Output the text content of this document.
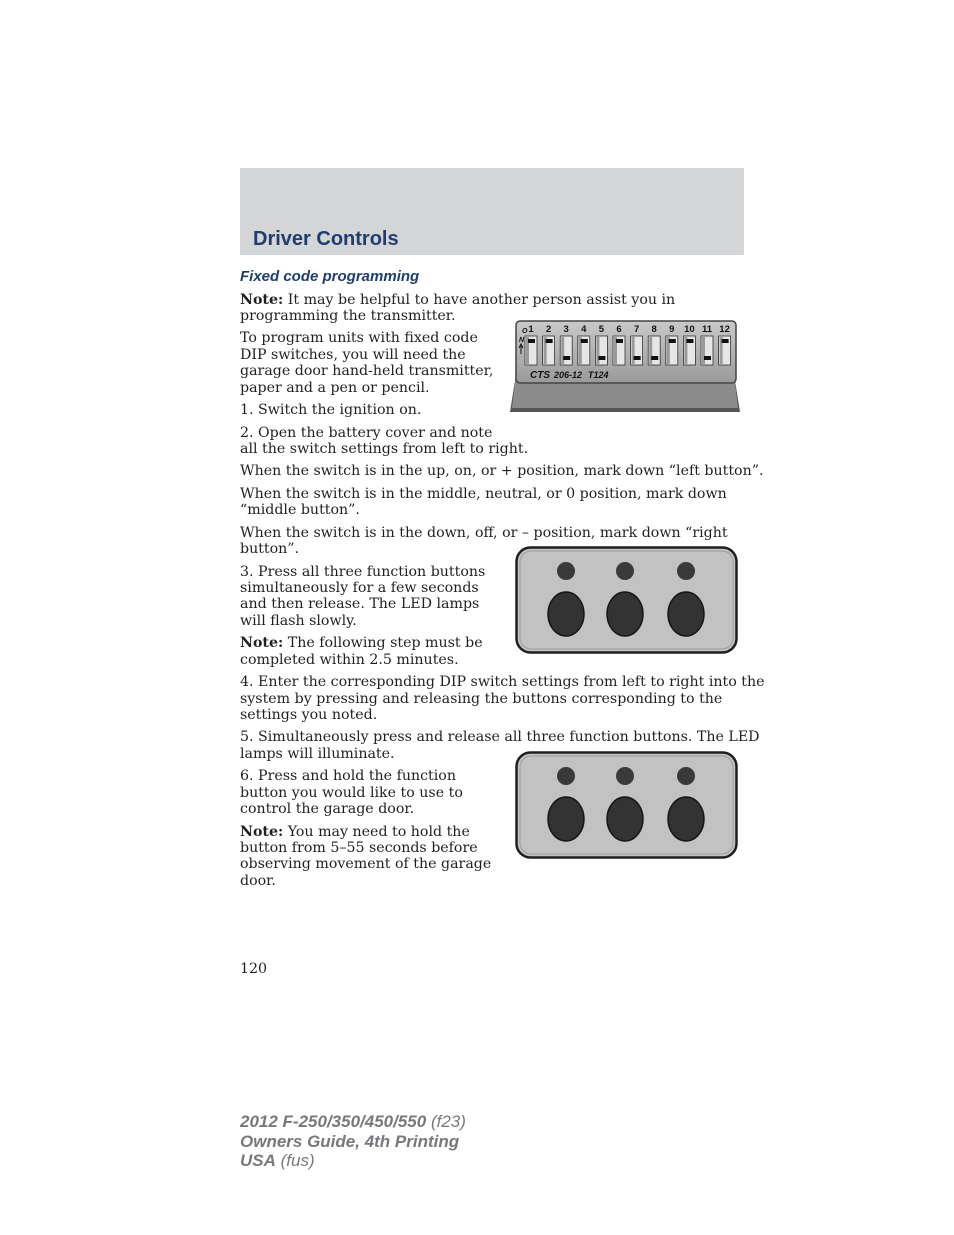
Driver Controls
Fixed code programming
Note: It may be helpful to have another person assist you in
programming the transmitter.
To program units with fixed code
DIP switches, you will need the
garage door hand-held transmitter,
paper and a pen or pencil.
1. Switch the ignition on.
2. Open the battery cover and note
all the switch settings from left to right.
When the switch is in the up, on, or + position, mark down “left button”.
When the switch is in the middle, neutral, or 0 position, mark down
“middle button”.
When the switch is in the down, off, or – position, mark down “right
button”.
3. Press all three function buttons
simultaneously for a few seconds
and then release. The LED lamps
will flash slowly.
Note: The following step must be
completed within 2.5 minutes.
4. Enter the corresponding DIP switch settings from left to right into the
system by pressing and releasing the buttons corresponding to the
settings you noted.
5. Simultaneously press and release all three function buttons. The LED
lamps will illuminate.
6. Press and hold the function
button you would like to use to
control the garage door.
Note: You may need to hold the
button from 5–55 seconds before
observing movement of the garage
door.
O
N
1 2 3 4 5 6 7 8 9 10 11 12
CTS 206-12 T124
120
2012 F-250/350/450/550 (f23)
Owners Guide, 4th Printing
USA (fus)
